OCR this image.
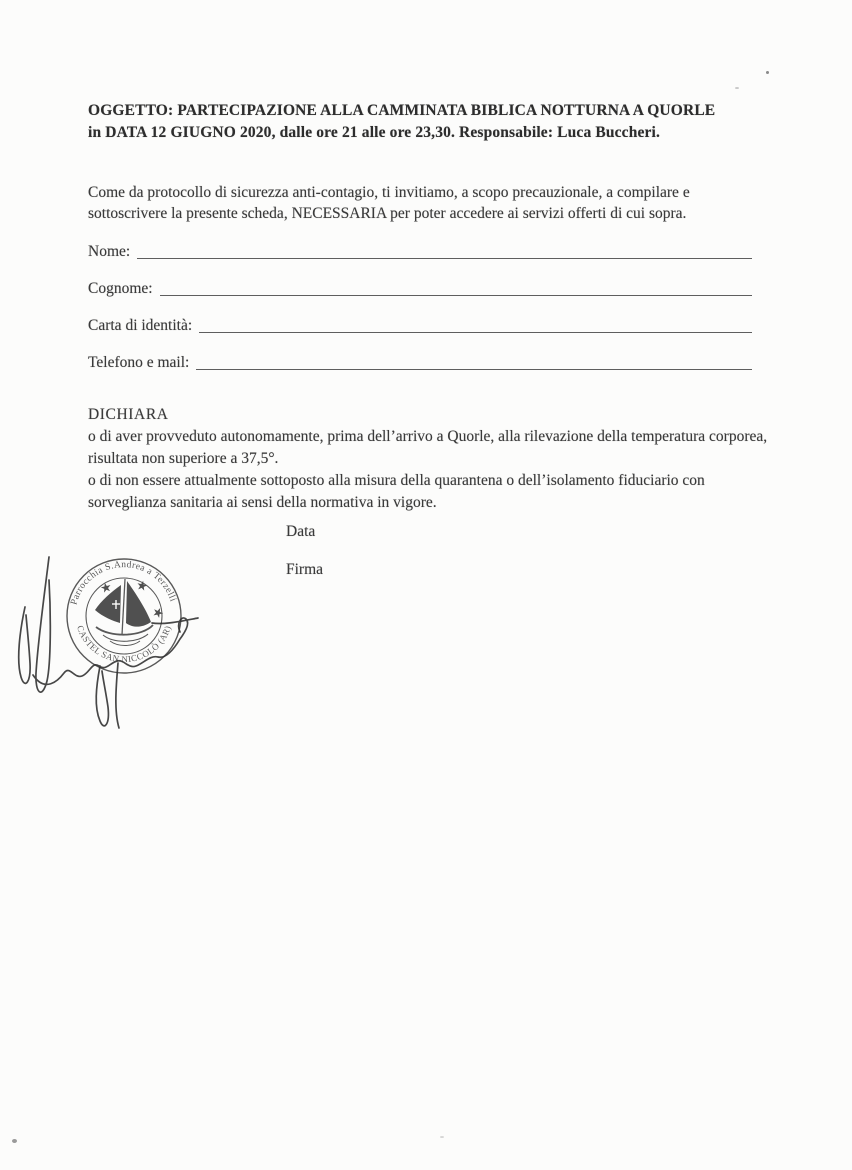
OGGETTO: PARTECIPAZIONE ALLA CAMMINATA BIBLICA NOTTURNA A QUORLE
in DATA 12 GIUGNO 2020, dalle ore 21 alle ore 23,30. Responsabile: Luca Buccheri.
Come da protocollo di sicurezza anti-contagio, ti invitiamo, a scopo precauzionale, a compilare e sottoscrivere la presente scheda, NECESSARIA per poter accedere ai servizi offerti di cui sopra.
Nome:
Cognome:
Carta di identità:
Telefono e mail:
DICHIARA

o di aver provveduto autonomamente, prima dell’arrivo a Quorle, alla rilevazione della temperatura corporea, risultata non superiore a 37,5°.

o di non essere attualmente sottoposto alla misura della quarantena o dell’isolamento fiduciario con sorveglianza sanitaria ai sensi della normativa in vigore.

Data
Firma
Parrocchia S.Andrea a Terzelli
CASTEL SAN NICCOLÒ (AR)
★ ★
★
